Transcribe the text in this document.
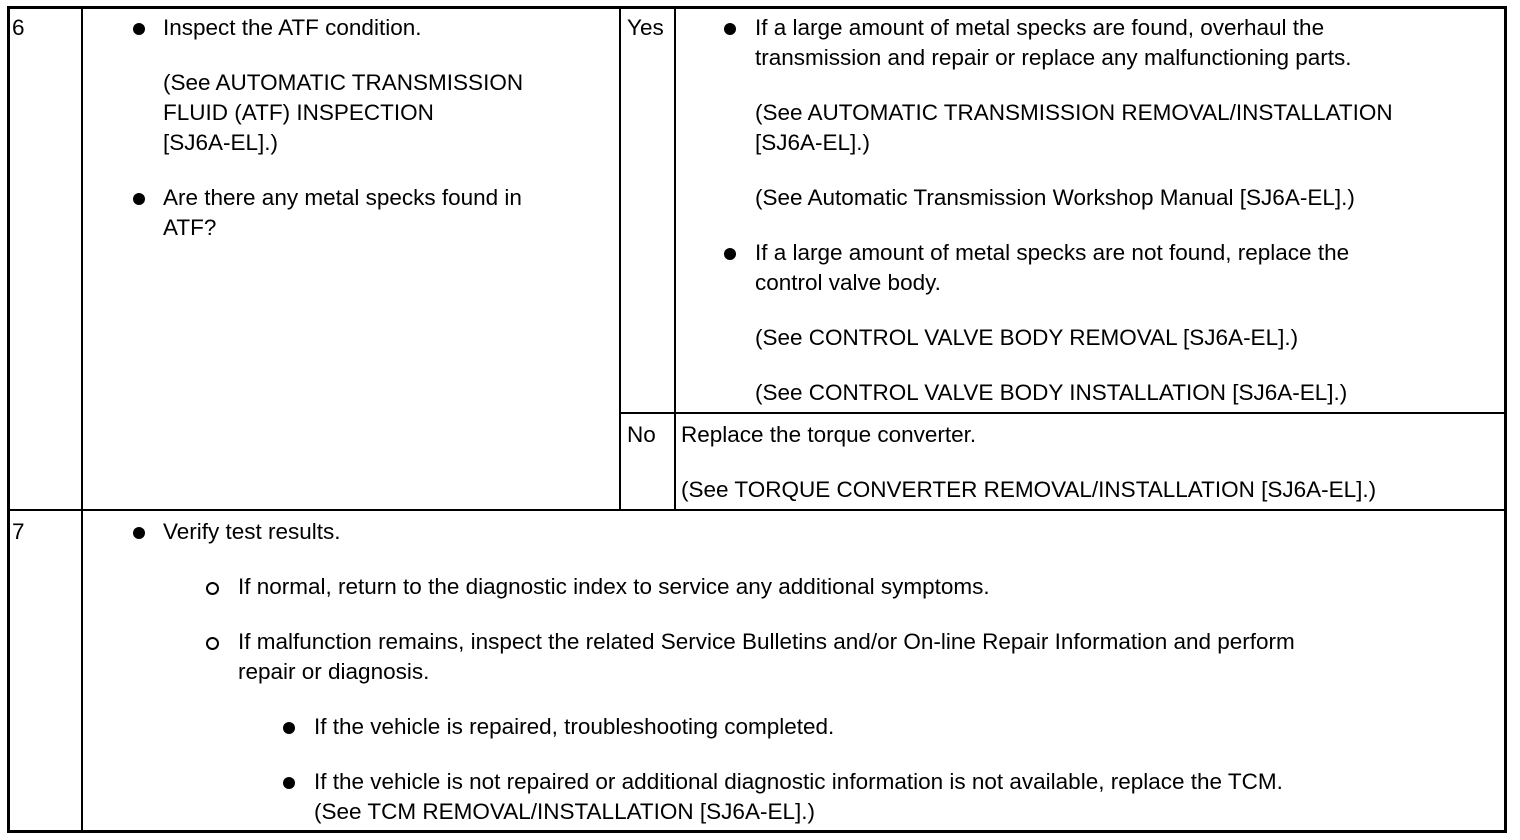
6	Inspect the ATF condition.
(See AUTOMATIC TRANSMISSION
FLUID (ATF) INSPECTION
[SJ6A-EL].)
Are there any metal specks found in
ATF?
Yes	If a large amount of metal specks are found, overhaul the
transmission and repair or replace any malfunctioning parts.
(See AUTOMATIC TRANSMISSION REMOVAL/INSTALLATION
[SJ6A-EL].)
(See Automatic Transmission Workshop Manual [SJ6A-EL].)
If a large amount of metal specks are not found, replace the
control valve body.
(See CONTROL VALVE BODY REMOVAL [SJ6A-EL].)
(See CONTROL VALVE BODY INSTALLATION [SJ6A-EL].)
No Replace the torque converter.
(See TORQUE CONVERTER REMOVAL/INSTALLATION [SJ6A-EL].)
7	Verify test results.
If normal, return to the diagnostic index to service any additional symptoms.
If malfunction remains, inspect the related Service Bulletins and/or On-line Repair Information and perform
repair or diagnosis.
If the vehicle is repaired, troubleshooting completed.
If the vehicle is not repaired or additional diagnostic information is not available, replace the TCM.
(See TCM REMOVAL/INSTALLATION [SJ6A-EL].)
